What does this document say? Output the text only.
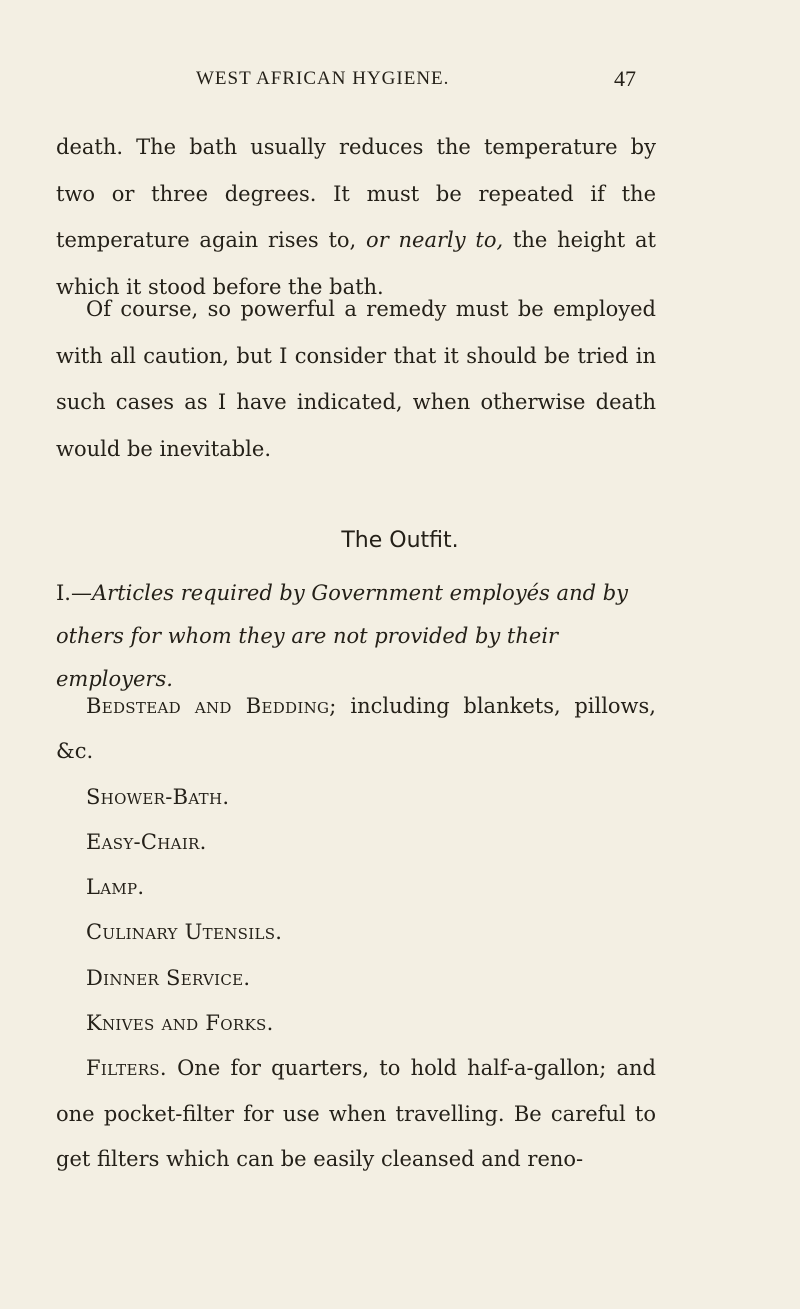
WEST AFRICAN HYGIENE.	47

death. The bath usually reduces the temperature by two or three degrees. It must be repeated if the temperature again rises to, or nearly to, the height at which it stood before the bath.

Of course, so powerful a remedy must be employed with all caution, but I consider that it should be tried in such cases as I have indicated, when otherwise death would be inevitable.

The Outfit.
I.—Articles required by Government employés and by others for whom they are not provided by their employers.

Bedstead and Bedding; including blankets, pillows, &c.

Shower-Bath.
Easy-Chair.
Lamp.
Culinary Utensils.
Dinner Service.
Knives and Forks.

Filters. One for quarters, to hold half-a-gallon; and one pocket-filter for use when travelling. Be careful to get filters which can be easily cleansed and reno-
